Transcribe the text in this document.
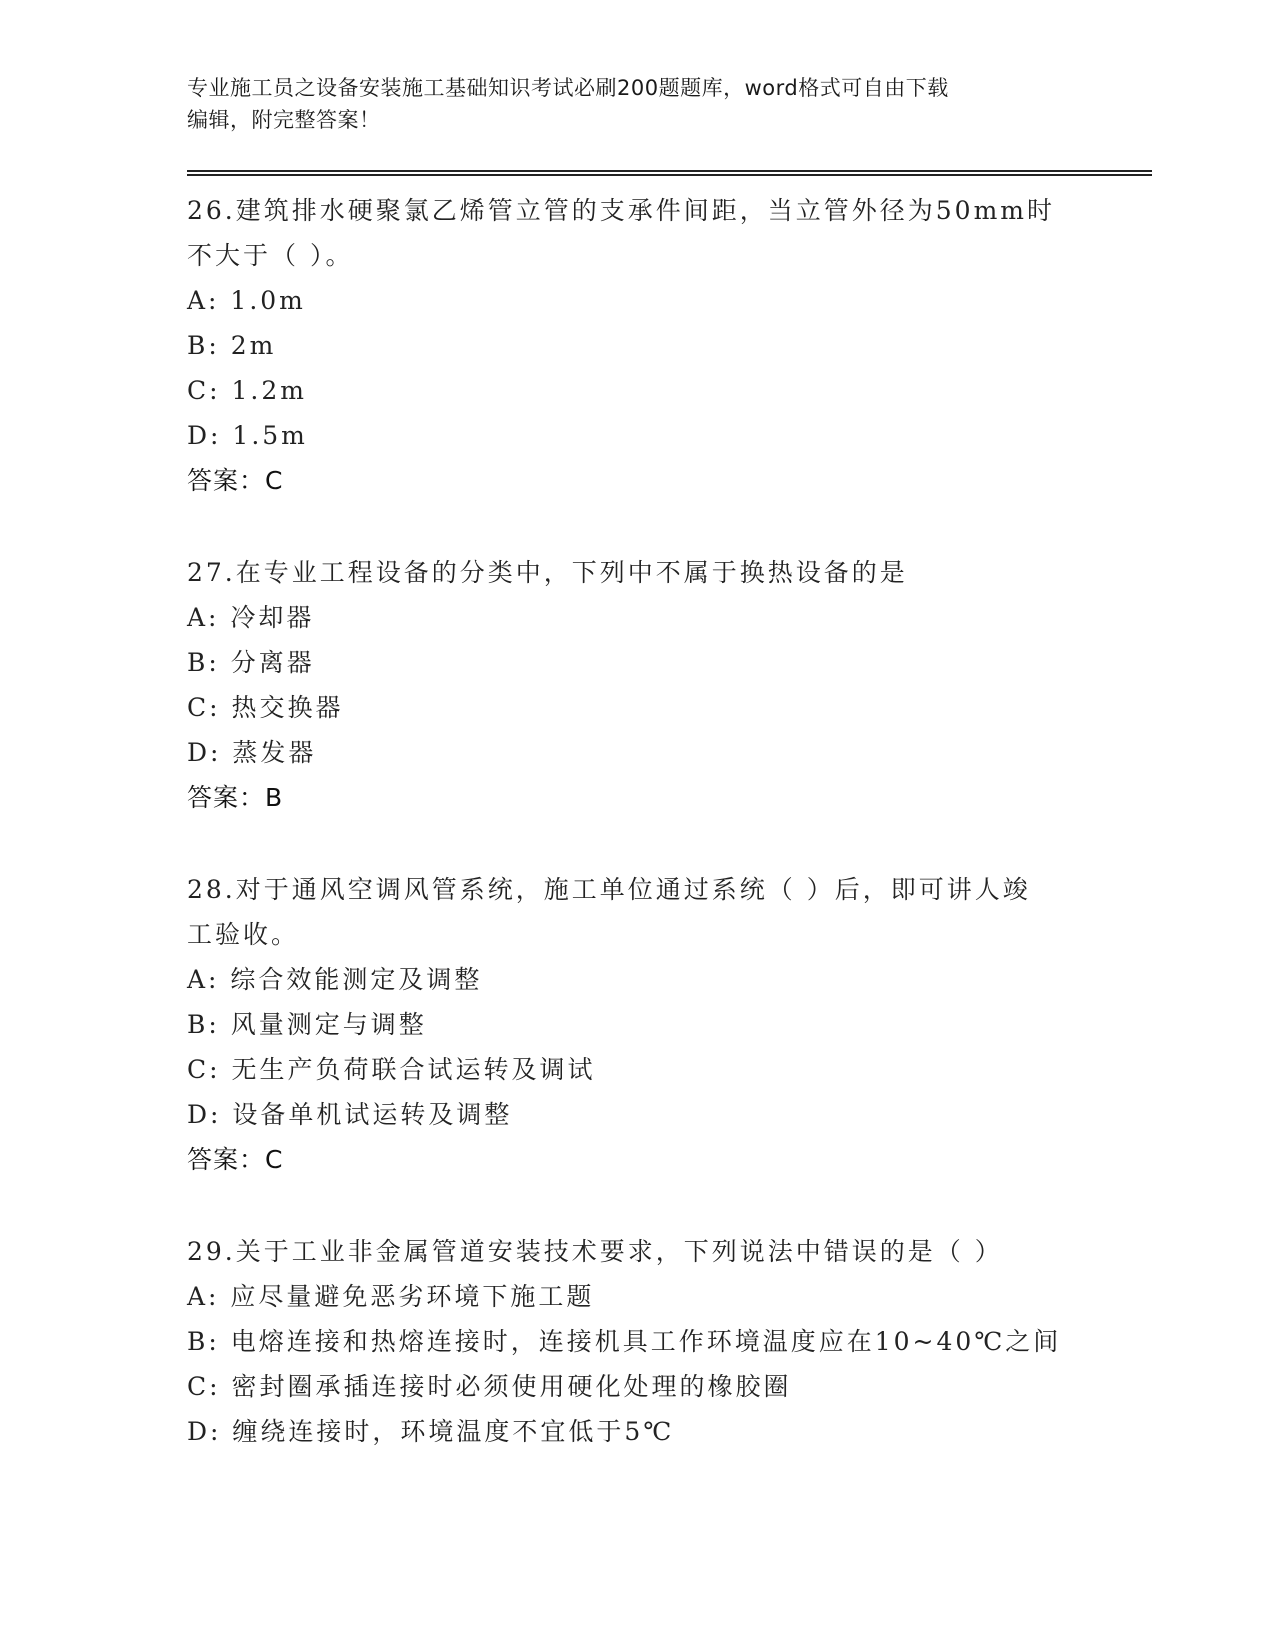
专业施工员之设备安装施工基础知识考试必刷200题题库，word格式可自由下载
编辑，附完整答案！
26.建筑排水硬聚氯乙烯管立管的支承件间距，当立管外径为50mm时
不大于（ ）。
A: 1.0m
B: 2m
C: 1.2m
D: 1.5m
答案：C
27.在专业工程设备的分类中，下列中不属于换热设备的是
A: 冷却器
B: 分离器
C: 热交换器
D: 蒸发器
答案：B
28.对于通风空调风管系统，施工单位通过系统（ ）后，即可讲人竣
工验收。
A: 综合效能测定及调整
B: 风量测定与调整
C: 无生产负荷联合试运转及调试
D: 设备单机试运转及调整
答案：C
29.关于工业非金属管道安装技术要求，下列说法中错误的是（ ）
A: 应尽量避免恶劣环境下施工题
B: 电熔连接和热熔连接时，连接机具工作环境温度应在10~40℃之间
C: 密封圈承插连接时必须使用硬化处理的橡胶圈
D: 缠绕连接时，环境温度不宜低于5℃
